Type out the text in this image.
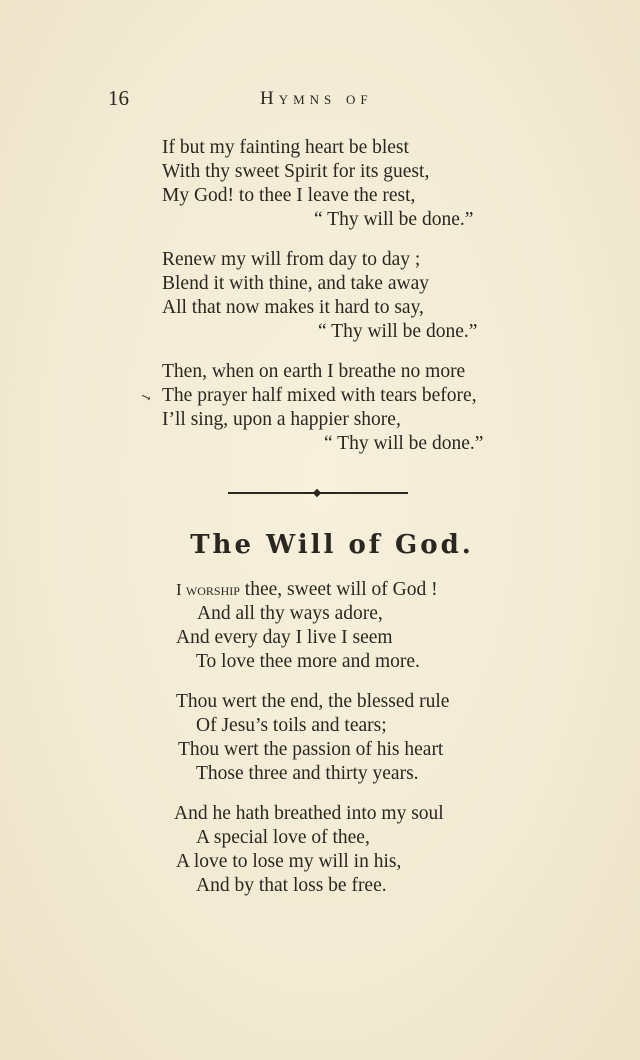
16	Hymns of
If but my fainting heart be blest
With thy sweet Spirit for its guest,
My God! to thee I leave the rest,
“ Thy will be done.”
Renew my will from day to day ;
Blend it with thine, and take away
All that now makes it hard to say,
“ Thy will be done.”
Then, when on earth I breathe no more
The prayer half mixed with tears before,
I’ll sing, upon a happier shore,
“ Thy will be done.”
↘
The Will of God.
I worship thee, sweet will of God !
And all thy ways adore,
And every day I live I seem
To love thee more and more.
Thou wert the end, the blessed rule
Of Jesu’s toils and tears;
Thou wert the passion of his heart
Those three and thirty years.
And he hath breathed into my soul
A special love of thee,
A love to lose my will in his,
And by that loss be free.
